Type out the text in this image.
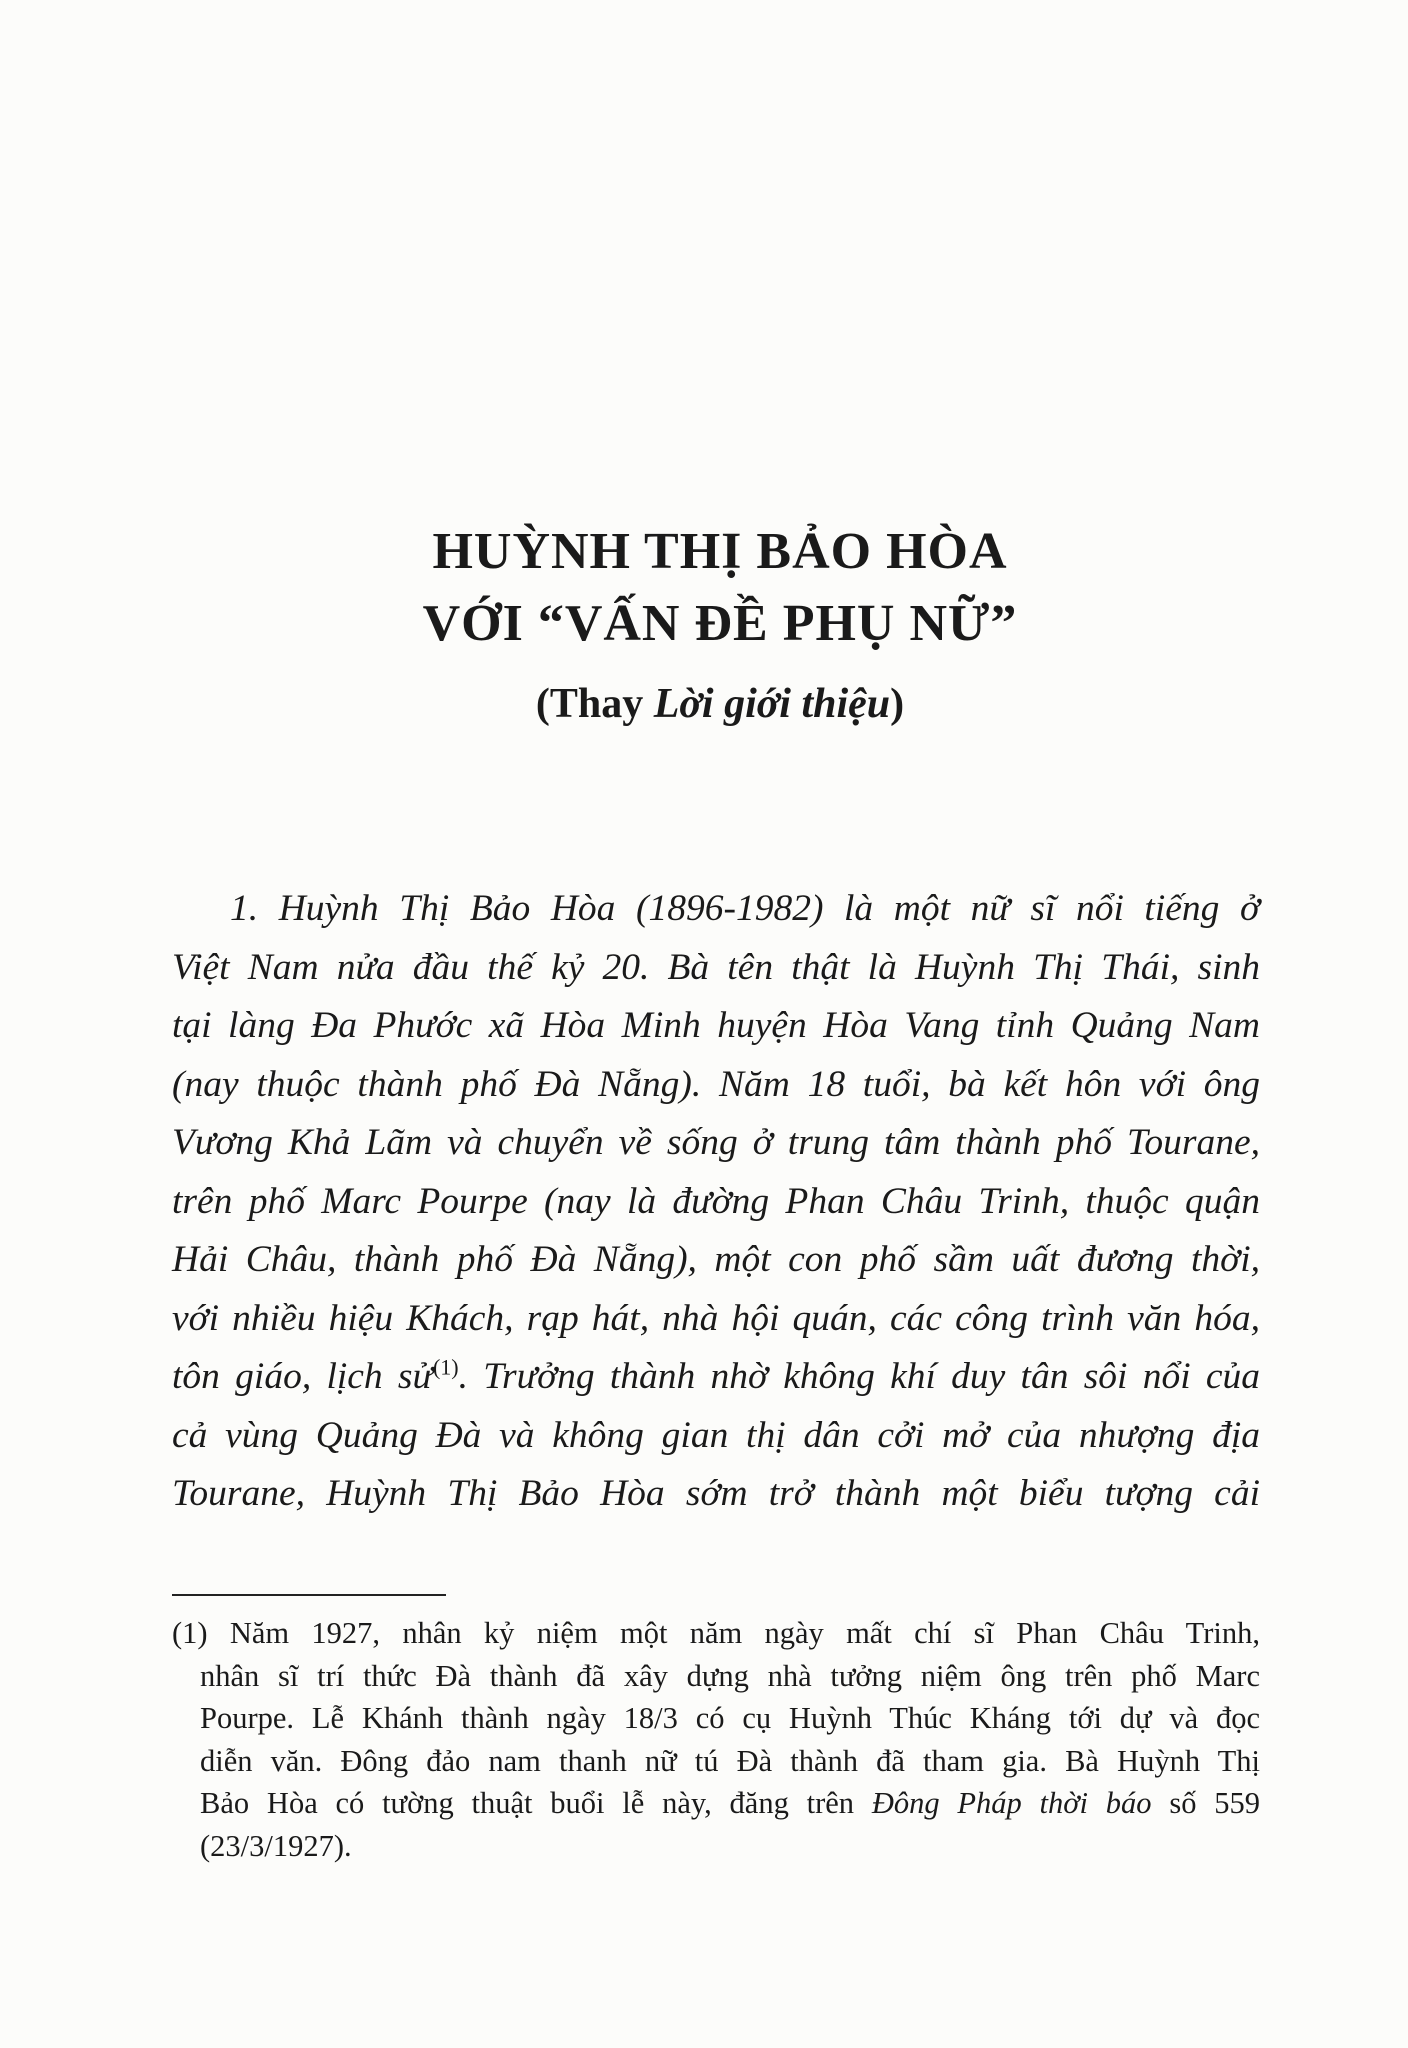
HUỲNH THỊ BẢO HÒA
VỚI “VẤN ĐỀ PHỤ NỮ”
(Thay Lời giới thiệu)
1. Huỳnh Thị Bảo Hòa (1896-1982) là một nữ sĩ nổi tiếng ở
Việt Nam nửa đầu thế kỷ 20. Bà tên thật là Huỳnh Thị Thái, sinh
tại làng Đa Phước xã Hòa Minh huyện Hòa Vang tỉnh Quảng Nam
(nay thuộc thành phố Đà Nẵng). Năm 18 tuổi, bà kết hôn với ông
Vương Khả Lãm và chuyển về sống ở trung tâm thành phố Tourane,
trên phố Marc Pourpe (nay là đường Phan Châu Trinh, thuộc quận
Hải Châu, thành phố Đà Nẵng), một con phố sầm uất đương thời,
với nhiều hiệu Khách, rạp hát, nhà hội quán, các công trình văn hóa,
tôn giáo, lịch sử$^{(1)}$. Trưởng thành nhờ không khí duy tân sôi nổi của
cả vùng Quảng Đà và không gian thị dân cởi mở của nhượng địa
Tourane, Huỳnh Thị Bảo Hòa sớm trở thành một biểu tượng cải
(1) Năm 1927, nhân kỷ niệm một năm ngày mất chí sĩ Phan Châu Trinh,
nhân sĩ trí thức Đà thành đã xây dựng nhà tưởng niệm ông trên phố Marc
Pourpe. Lễ Khánh thành ngày 18/3 có cụ Huỳnh Thúc Kháng tới dự và đọc
diễn văn. Đông đảo nam thanh nữ tú Đà thành đã tham gia. Bà Huỳnh Thị
Bảo Hòa có tường thuật buổi lễ này, đăng trên Đông Pháp thời báo số 559
(23/3/1927).
